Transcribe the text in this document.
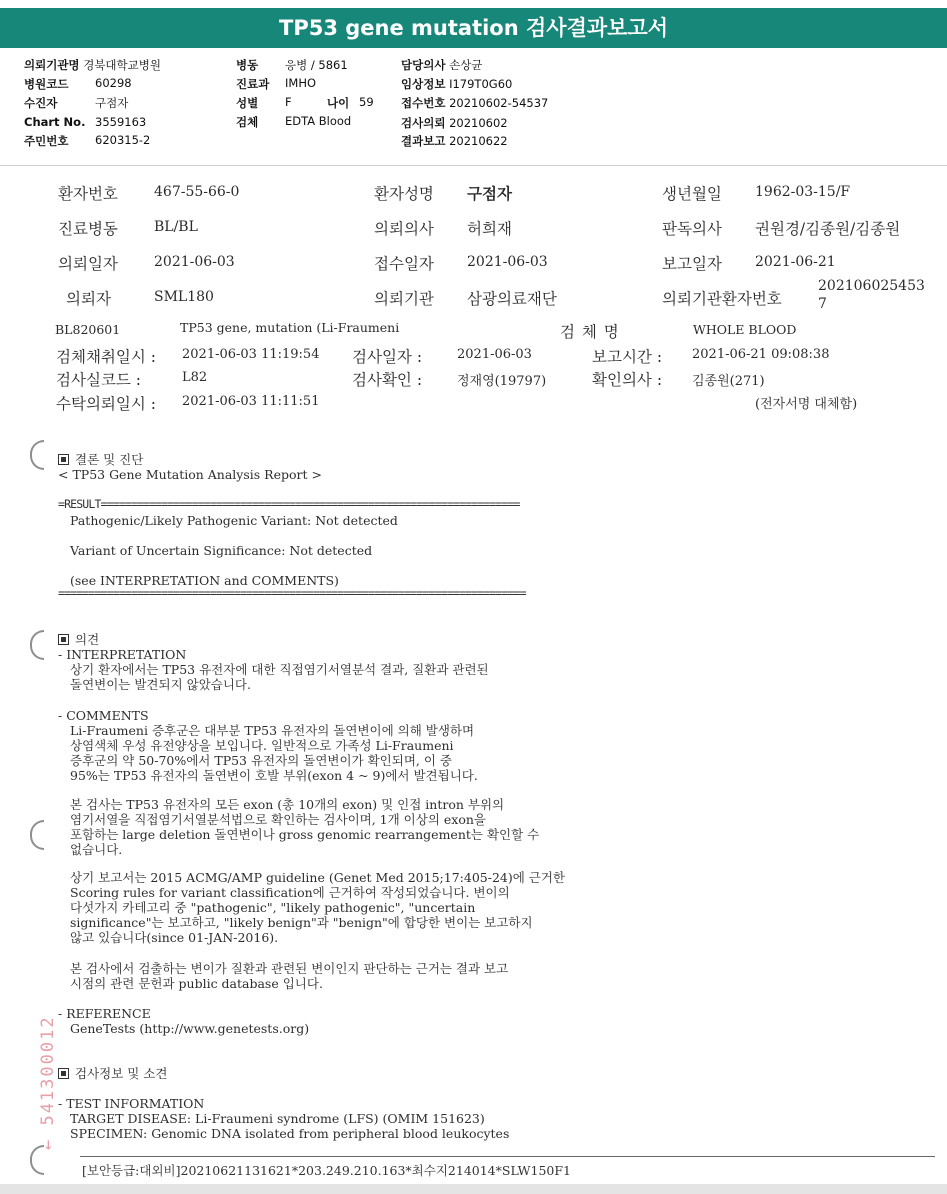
TP53 gene mutation 검사결과보고서
의뢰기관명 경북대학교병원
병원코드 60298
수진자	구점자
Chart No. 3559163
주민번호 620315-2
병동 응병 / 5861
진료과 IMHO
성별 F	나이 59
검체 EDTA Blood
담당의사 손상균
임상정보 I179T0G60
접수번호 20210602-54537
검사의뢰 20210602
결과보고 20210622
환자번호	467-55-66-0	환자성명 구점자	생년월일 1962-03-15/F
진료병동	BL/BL	의뢰의사 허희재	판독의사 권원경/김종원/김종원
의뢰일자	2021-06-03	접수일자 2021-06-03	보고일자 2021-06-21
의뢰자	SML180	의뢰기관 삼광의료재단	의뢰기관환자번호
202106025453
7
BL820601	TP53 gene, mutation (Li-Fraumeni	검 체 명	WHOLE BLOOD
검체채취일시 : 2021-06-03 11:19:54 검사일자 :	2021-06-03	보고시간 : 2021-06-21 09:08:38
검사실코드 :	L82	검사확인 :	정재영(19797)	확인의사 : 김종원(271)
수탁의뢰일시 : 2021-06-03 11:11:51	(전자서명 대체함)
결론 및 진단
< TP53 Gene Mutation Analysis Report >
=RESULT=====================================================================
Pathogenic/Likely Pathogenic Variant: Not detected
Variant of Uncertain Significance: Not detected
(see INTERPRETATION and COMMENTS)
=============================================================================
의견
- INTERPRETATION
상기 환자에서는 TP53 유전자에 대한 직접염기서열분석 결과, 질환과 관련된
돌연변이는 발견되지 않았습니다.
- COMMENTS
Li-Fraumeni 증후군은 대부분 TP53 유전자의 돌연변이에 의해 발생하며
상염색체 우성 유전양상을 보입니다. 일반적으로 가족성 Li-Fraumeni
증후군의 약 50-70%에서 TP53 유전자의 돌연변이가 확인되며, 이 중
95%는 TP53 유전자의 돌연변이 호발 부위(exon 4 ~ 9)에서 발견됩니다.
본 검사는 TP53 유전자의 모든 exon (총 10개의 exon) 및 인접 intron 부위의
염기서열을 직접염기서열분석법으로 확인하는 검사이며, 1개 이상의 exon을
포함하는 large deletion 돌연변이나 gross genomic rearrangement는 확인할 수
없습니다.
상기 보고서는 2015 ACMG/AMP guideline (Genet Med 2015;17:405-24)에 근거한
Scoring rules for variant classification에 근거하여 작성되었습니다. 변이의
다섯가지 카테고리 중 "pathogenic", "likely pathogenic", "uncertain
significance"는 보고하고, "likely benign"과 "benign"에 합당한 변이는 보고하지
않고 있습니다(since 01-JAN-2016).
본 검사에서 검출하는 변이가 질환과 관련된 변이인지 판단하는 근거는 결과 보고
시점의 관련 문헌과 public database 입니다.
- REFERENCE
GeneTests (http://www.genetests.org)
검사정보 및 소견
- TEST INFORMATION
TARGET DISEASE: Li-Fraumeni syndrome (LFS) (OMIM 151623)
SPECIMEN: Genomic DNA isolated from peripheral blood leukocytes
← 541300012
[보안등급:대외비]20210621131621*203.249.210.163*최수지214014*SLW150F1
